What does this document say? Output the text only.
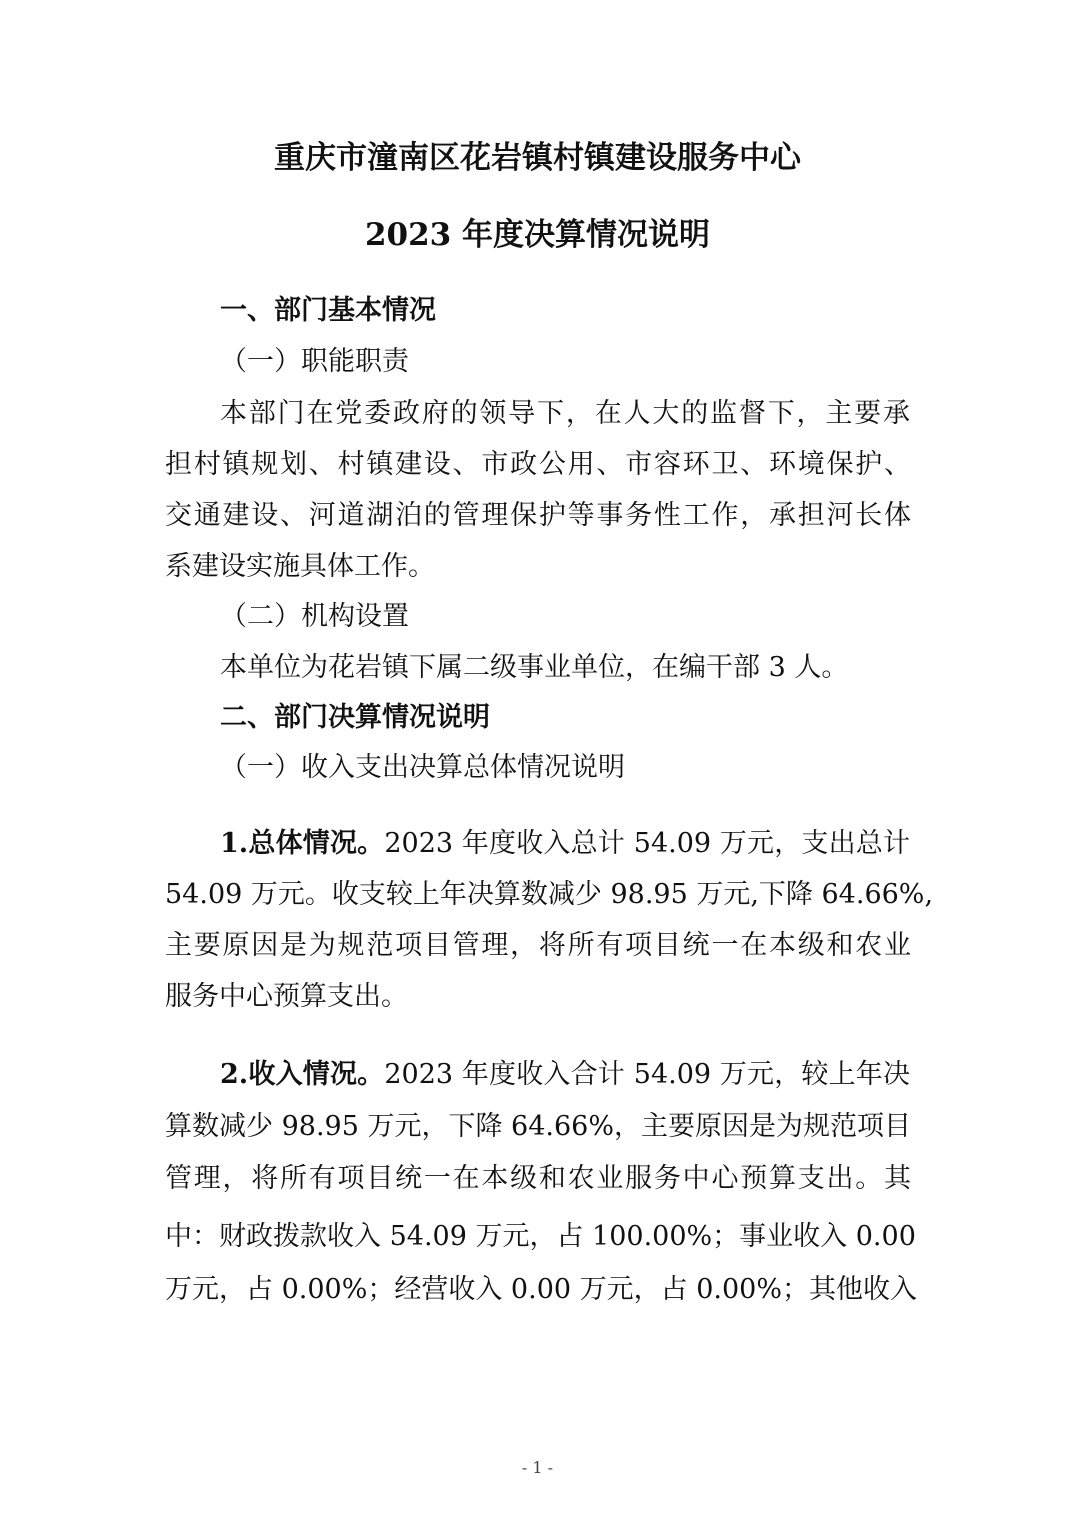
重庆市潼南区花岩镇村镇建设服务中心
2023 年度决算情况说明
一、部门基本情况
（一）职能职责
本部门在党委政府的领导下，在人大的监督下，主要承
担村镇规划、村镇建设、市政公用、市容环卫、环境保护、
交通建设、河道湖泊的管理保护等事务性工作，承担河长体
系建设实施具体工作。
（二）机构设置
本单位为花岩镇下属二级事业单位，在编干部 3 人。
二、部门决算情况说明
（一）收入支出决算总体情况说明
1.总体情况。2023 年度收入总计 54.09 万元，支出总计
54.09 万元。收支较上年决算数减少 98.95 万元,下降 64.66%,
主要原因是为规范项目管理，将所有项目统一在本级和农业
服务中心预算支出。
2.收入情况。2023 年度收入合计 54.09 万元，较上年决
算数减少 98.95 万元，下降 64.66%，主要原因是为规范项目
管理，将所有项目统一在本级和农业服务中心预算支出。其
中：财政拨款收入 54.09 万元，占 100.00%；事业收入 0.00
万元，占 0.00%；经营收入 0.00 万元，占 0.00%；其他收入
- 1 -
